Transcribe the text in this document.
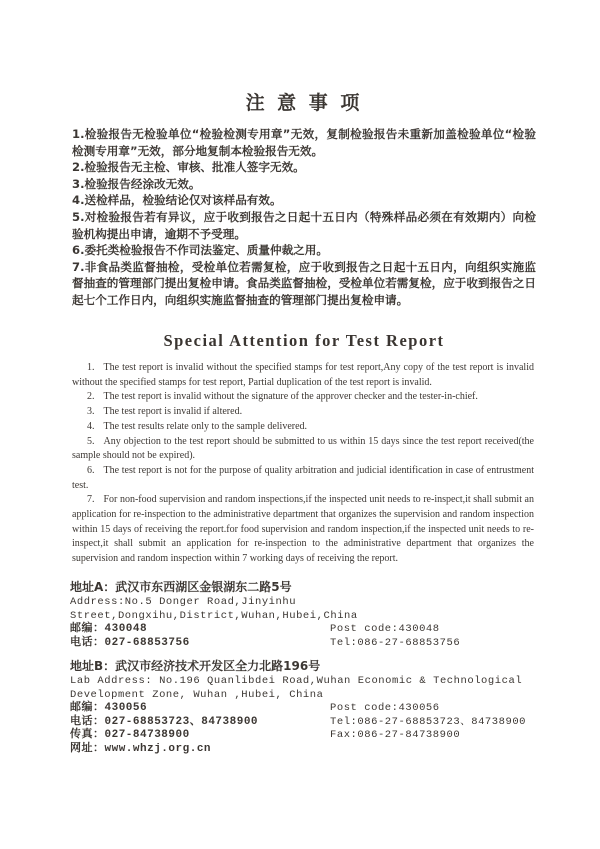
注 意 事 项

1.检验报告无检验单位“检验检测专用章”无效，复制检验报告未重新加盖检验单位“检验检测专用章”无效，部分地复制本检验报告无效。

2.检验报告无主检、审核、批准人签字无效。

3.检验报告经涂改无效。

4.送检样品，检验结论仅对该样品有效。

5.对检验报告若有异议，应于收到报告之日起十五日内（特殊样品必须在有效期内）向检验机构提出申请，逾期不予受理。

6.委托类检验报告不作司法鉴定、质量仲裁之用。

7.非食品类监督抽检，受检单位若需复检，应于收到报告之日起十五日内，向组织实施监督抽查的管理部门提出复检申请。食品类监督抽检，受检单位若需复检，应于收到报告之日起七个工作日内，向组织实施监督抽查的管理部门提出复检申请。

Special Attention for Test Report

1. The test report is invalid without the specified stamps for test report,Any copy of the test report is invalid without the specified stamps for test report, Partial duplication of the test report is invalid.

2. The test report is invalid without the signature of the approver checker and the tester-in-chief.

3. The test report is invalid if altered.

4. The test results relate only to the sample delivered.

5. Any objection to the test report should be submitted to us within 15 days since the test report received(the sample should not be expired).

6. The test report is not for the purpose of quality arbitration and judicial identification in case of entrustment test.

7. For non-food supervision and random inspections,if the inspected unit needs to re-inspect,it shall submit an application for re-inspection to the administrative department that organizes the supervision and random inspection within 15 days of receiving the report.for food supervision and random inspection,if the inspected unit needs to re-inspect,it shall submit an application for re-inspection to the administrative department that organizes the supervision and random inspection within 7 working days of receiving the report.

地址A：武汉市东西湖区金银湖东二路5号
Address:No.5 Donger Road,Jinyinhu
Street,Dongxihu,District,Wuhan,Hubei,China
邮编：430048	Post code:430048
电话：027-68853756	Tel:086-27-68853756
地址B：武汉市经济技术开发区全力北路196号
Lab Address: No.196 Quanlibdei Road,Wuhan Economic & Technological
Development Zone, Wuhan ,Hubei, China
邮编：430056	Post code:430056
电话：027-68853723、84738900	Tel:086-27-68853723、84738900
传真：027-84738900	Fax:086-27-84738900
网址：www.whzj.org.cn
